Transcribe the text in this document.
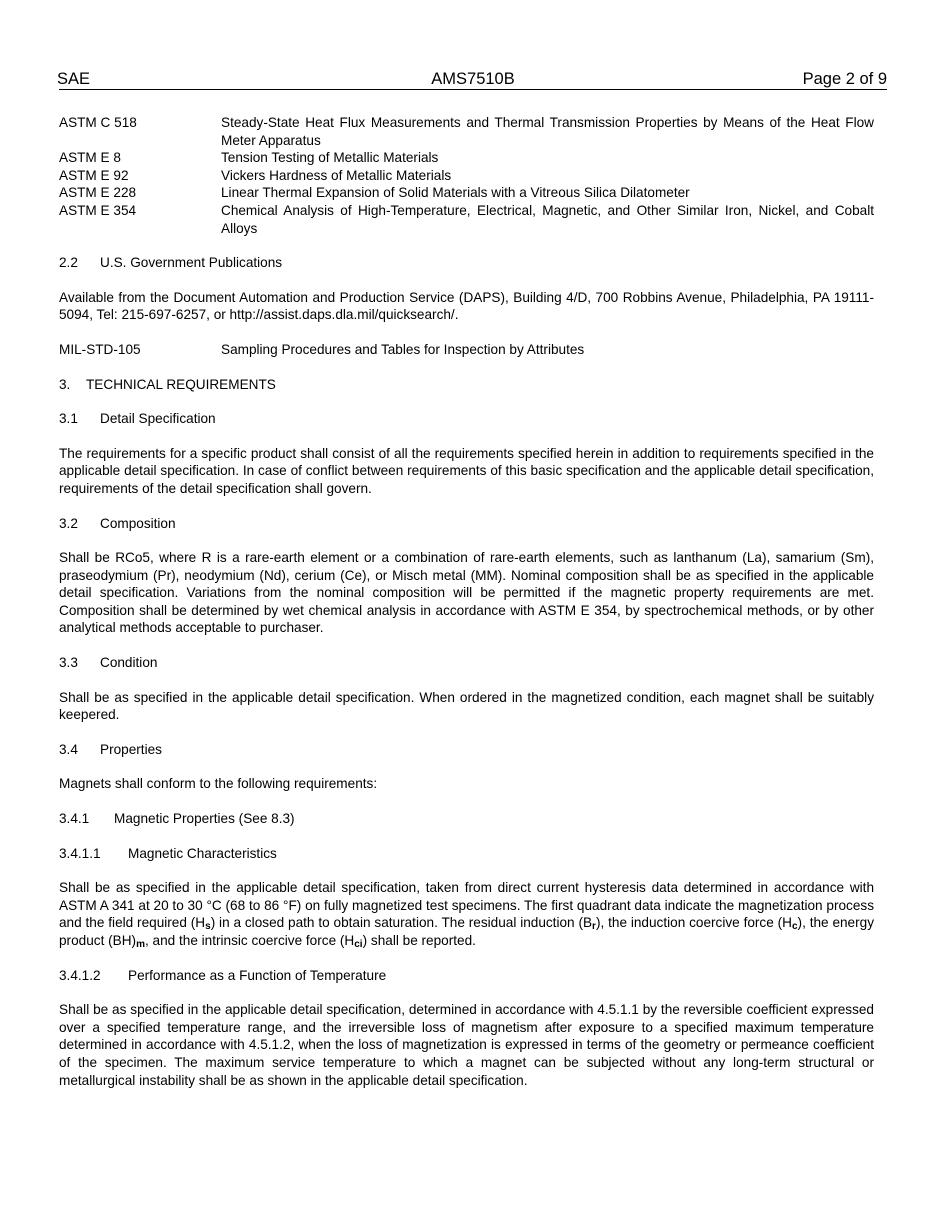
SAE	AMS7510B	Page 2 of 9
ASTM C 518	Steady-State Heat Flux Measurements and Thermal Transmission Properties by Means of the Heat Flow Meter Apparatus
ASTM E 8	Tension Testing of Metallic Materials
ASTM E 92	Vickers Hardness of Metallic Materials
ASTM E 228	Linear Thermal Expansion of Solid Materials with a Vitreous Silica Dilatometer
ASTM E 354	Chemical Analysis of High-Temperature, Electrical, Magnetic, and Other Similar Iron, Nickel, and Cobalt Alloys
2.2 U.S. Government Publications
Available from the Document Automation and Production Service (DAPS), Building 4/D, 700 Robbins Avenue, Philadelphia, PA 19111-5094, Tel: 215-697-6257, or http://assist.daps.dla.mil/quicksearch/.
MIL-STD-105	Sampling Procedures and Tables for Inspection by Attributes
3. TECHNICAL REQUIREMENTS
3.1 Detail Specification
The requirements for a specific product shall consist of all the requirements specified herein in addition to requirements specified in the applicable detail specification. In case of conflict between requirements of this basic specification and the applicable detail specification, requirements of the detail specification shall govern.
3.2 Composition
Shall be RCo5, where R is a rare-earth element or a combination of rare-earth elements, such as lanthanum (La), samarium (Sm), praseodymium (Pr), neodymium (Nd), cerium (Ce), or Misch metal (MM). Nominal composition shall be as specified in the applicable detail specification. Variations from the nominal composition will be permitted if the magnetic property requirements are met. Composition shall be determined by wet chemical analysis in accordance with ASTM E 354, by spectrochemical methods, or by other analytical methods acceptable to purchaser.
3.3 Condition
Shall be as specified in the applicable detail specification. When ordered in the magnetized condition, each magnet shall be suitably keepered.
3.4 Properties
Magnets shall conform to the following requirements:
3.4.1 Magnetic Properties (See 8.3)
3.4.1.1 Magnetic Characteristics
Shall be as specified in the applicable detail specification, taken from direct current hysteresis data determined in accordance with ASTM A 341 at 20 to 30 °C (68 to 86 °F) on fully magnetized test specimens. The first quadrant data indicate the magnetization process and the field required $(H_s)$ in a closed path to obtain saturation. The residual induction $(B_r)$, the induction coercive force $(H_c)$, the energy product $(BH)_m$, and the intrinsic coercive force $(H_{ci})$ shall be reported.
3.4.1.2 Performance as a Function of Temperature
Shall be as specified in the applicable detail specification, determined in accordance with 4.5.1.1 by the reversible coefficient expressed over a specified temperature range, and the irreversible loss of magnetism after exposure to a specified maximum temperature determined in accordance with 4.5.1.2, when the loss of magnetization is expressed in terms of the geometry or permeance coefficient of the specimen. The maximum service temperature to which a magnet can be subjected without any long-term structural or metallurgical instability shall be as shown in the applicable detail specification.
